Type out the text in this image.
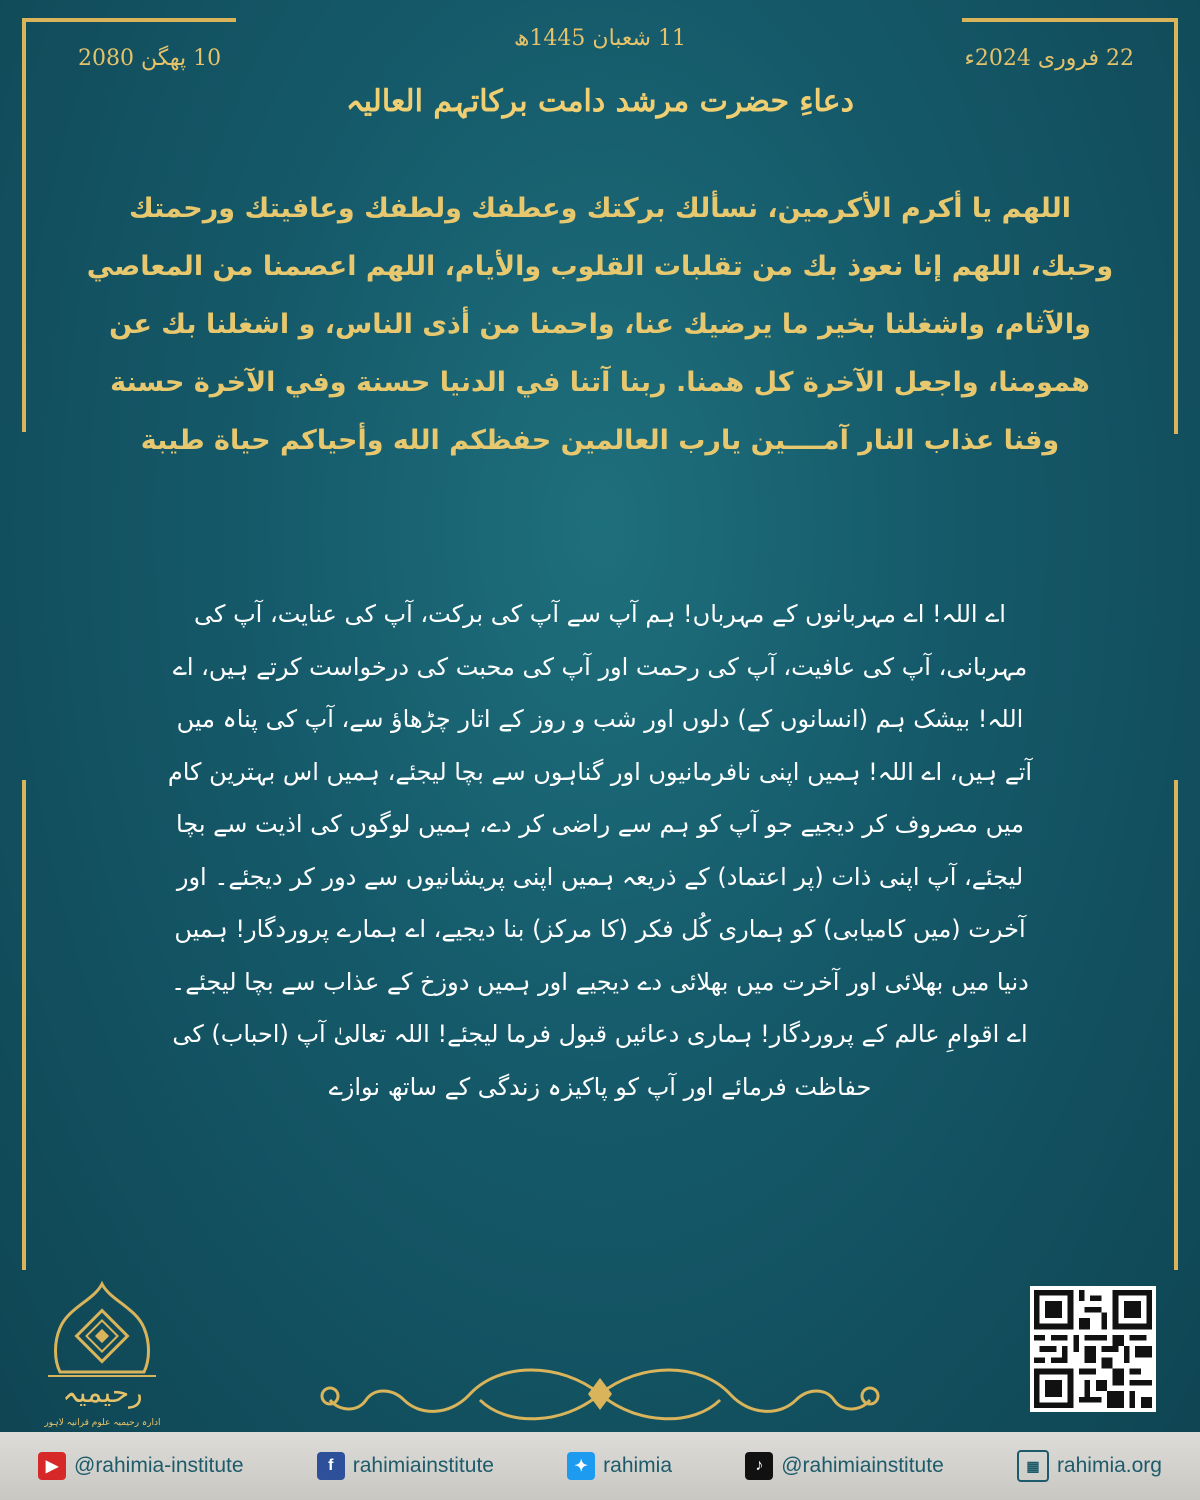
11 شعبان 1445ھ
22 فروری 2024ء
10 پھگن 2080
دعاءِ حضرت مرشد دامت برکاتہم العالیہ
اللهم يا أكرم الأكرمين، نسألك بركتك وعطفك ولطفك وعافيتك ورحمتك وحبك، اللهم إنا نعوذ بك من تقلبات القلوب والأيام، اللهم اعصمنا من المعاصي والآثام، واشغلنا بخير ما يرضيك عنا، واحمنا من أذى الناس، و اشغلنا بك عن همومنا، واجعل الآخرة كل همنا. ربنا آتنا في الدنيا حسنة وفي الآخرة حسنة وقنا عذاب النار آمــــين يارب العالمين حفظكم الله وأحياكم حياة طيبة
اے اللہ! اے مہربانوں کے مہرباں! ہم آپ سے آپ کی برکت، آپ کی عنایت، آپ کی مہربانی، آپ کی عافیت، آپ کی رحمت اور آپ کی محبت کی درخواست کرتے ہیں، اے اللہ! بیشک ہم (انسانوں کے) دلوں اور شب و روز کے اتار چڑھاؤ سے، آپ کی پناہ میں آتے ہیں، اے اللہ! ہمیں اپنی نافرمانیوں اور گناہوں سے بچا لیجئے، ہمیں اس بہترین کام میں مصروف کر دیجیے جو آپ کو ہم سے راضی کر دے، ہمیں لوگوں کی اذیت سے بچا لیجئے، آپ اپنی ذات (پر اعتماد) کے ذریعہ ہمیں اپنی پریشانیوں سے دور کر دیجئے۔ اور آخرت (میں کامیابی) کو ہماری کُل فکر (کا مرکز) بنا دیجیے، اے ہمارے پروردگار! ہمیں دنیا میں بھلائی اور آخرت میں بھلائی دے دیجیے اور ہمیں دوزخ کے عذاب سے بچا لیجئے۔ اے اقوامِ عالم کے پروردگار! ہماری دعائیں قبول فرما لیجئے! اللہ تعالیٰ آپ (احباب) کی حفاظت فرمائے اور آپ کو پاکیزہ زندگی کے ساتھ نوازے
رحیمیہ
ادارہ رحیمیہ علوم قرآنیہ لاہور
▶ @rahimia-institute	f rahimiainstitute	✦ rahimia	♪ @rahimiainstitute	▦ rahimia.org
